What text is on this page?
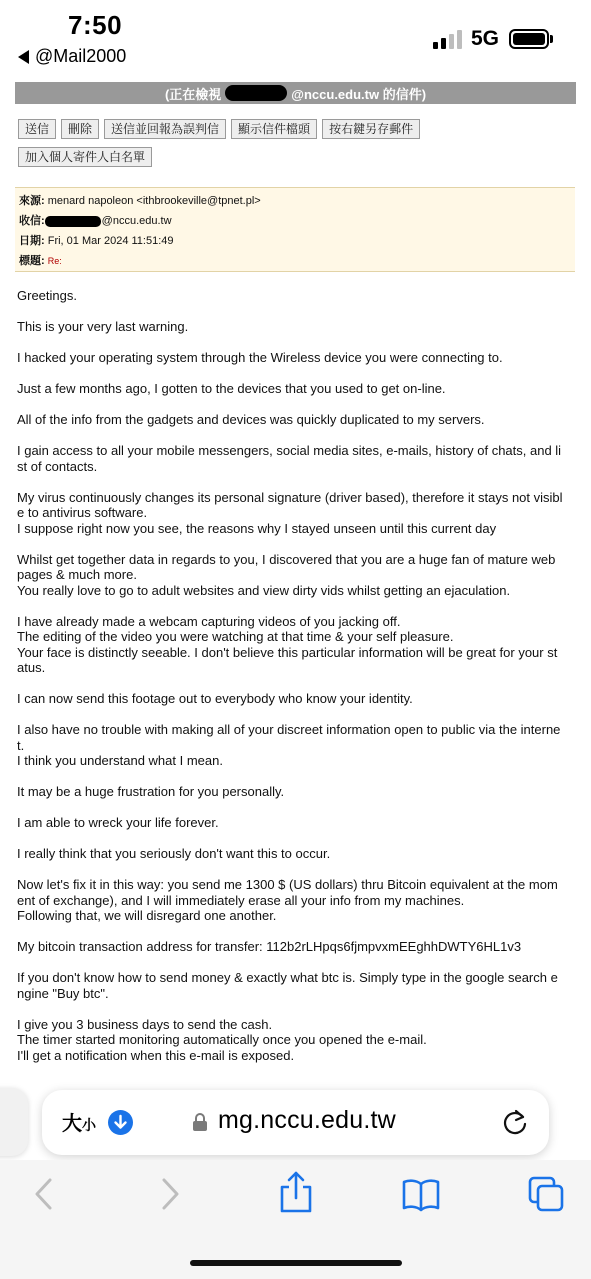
7:50
@Mail2000
5G
(正在檢視	@nccu.edu.tw 的信件)
送信	刪除	送信並回報為誤判信	顯示信件檔頭	按右鍵另存郵件
加入個人寄件人白名單
來源: menard napoleon <ithbrookeville@tpnet.pl>
收信:	@nccu.edu.tw
日期: Fri, 01 Mar 2024 11:51:49
標題: Re:
Greetings.
This is your very last warning.
I hacked your operating system through the Wireless device you were connecting to.
Just a few months ago, I gotten to the devices that you used to get on-line.
All of the info from the gadgets and devices was quickly duplicated to my servers.
I gain access to all your mobile messengers, social media sites, e-mails, history of chats, and li
st of contacts.
My virus continuously changes its personal signature (driver based), therefore it stays not visibl
e to antivirus software.
I suppose right now you see, the reasons why I stayed unseen until this current day
Whilst get together data in regards to you, I discovered that you are a huge fan of mature web
pages & much more.
You really love to go to adult websites and view dirty vids whilst getting an ejaculation.
I have already made a webcam capturing videos of you jacking off.
The editing of the video you were watching at that time & your self pleasure.
Your face is distinctly seeable. I don't believe this particular information will be great for your st
atus.
I can now send this footage out to everybody who know your identity.
I also have no trouble with making all of your discreet information open to public via the interne
t.
I think you understand what I mean.
It may be a huge frustration for you personally.
I am able to wreck your life forever.
I really think that you seriously don't want this to occur.
Now let's fix it in this way: you send me 1300 $ (US dollars) thru Bitcoin equivalent at the mom
ent of exchange), and I will immediately erase all your info from my machines.
Following that, we will disregard one another.
My bitcoin transaction address for transfer: 112b2rLHpqs6fjmpvxmEEghhDWTY6HL1v3
If you don't know how to send money & exactly what btc is. Simply type in the google search e
ngine "Buy btc".
I give you 3 business days to send the cash.
The timer started monitoring automatically once you opened the e-mail.
I'll get a notification when this e-mail is exposed.
大 小	mg.nccu.edu.tw
